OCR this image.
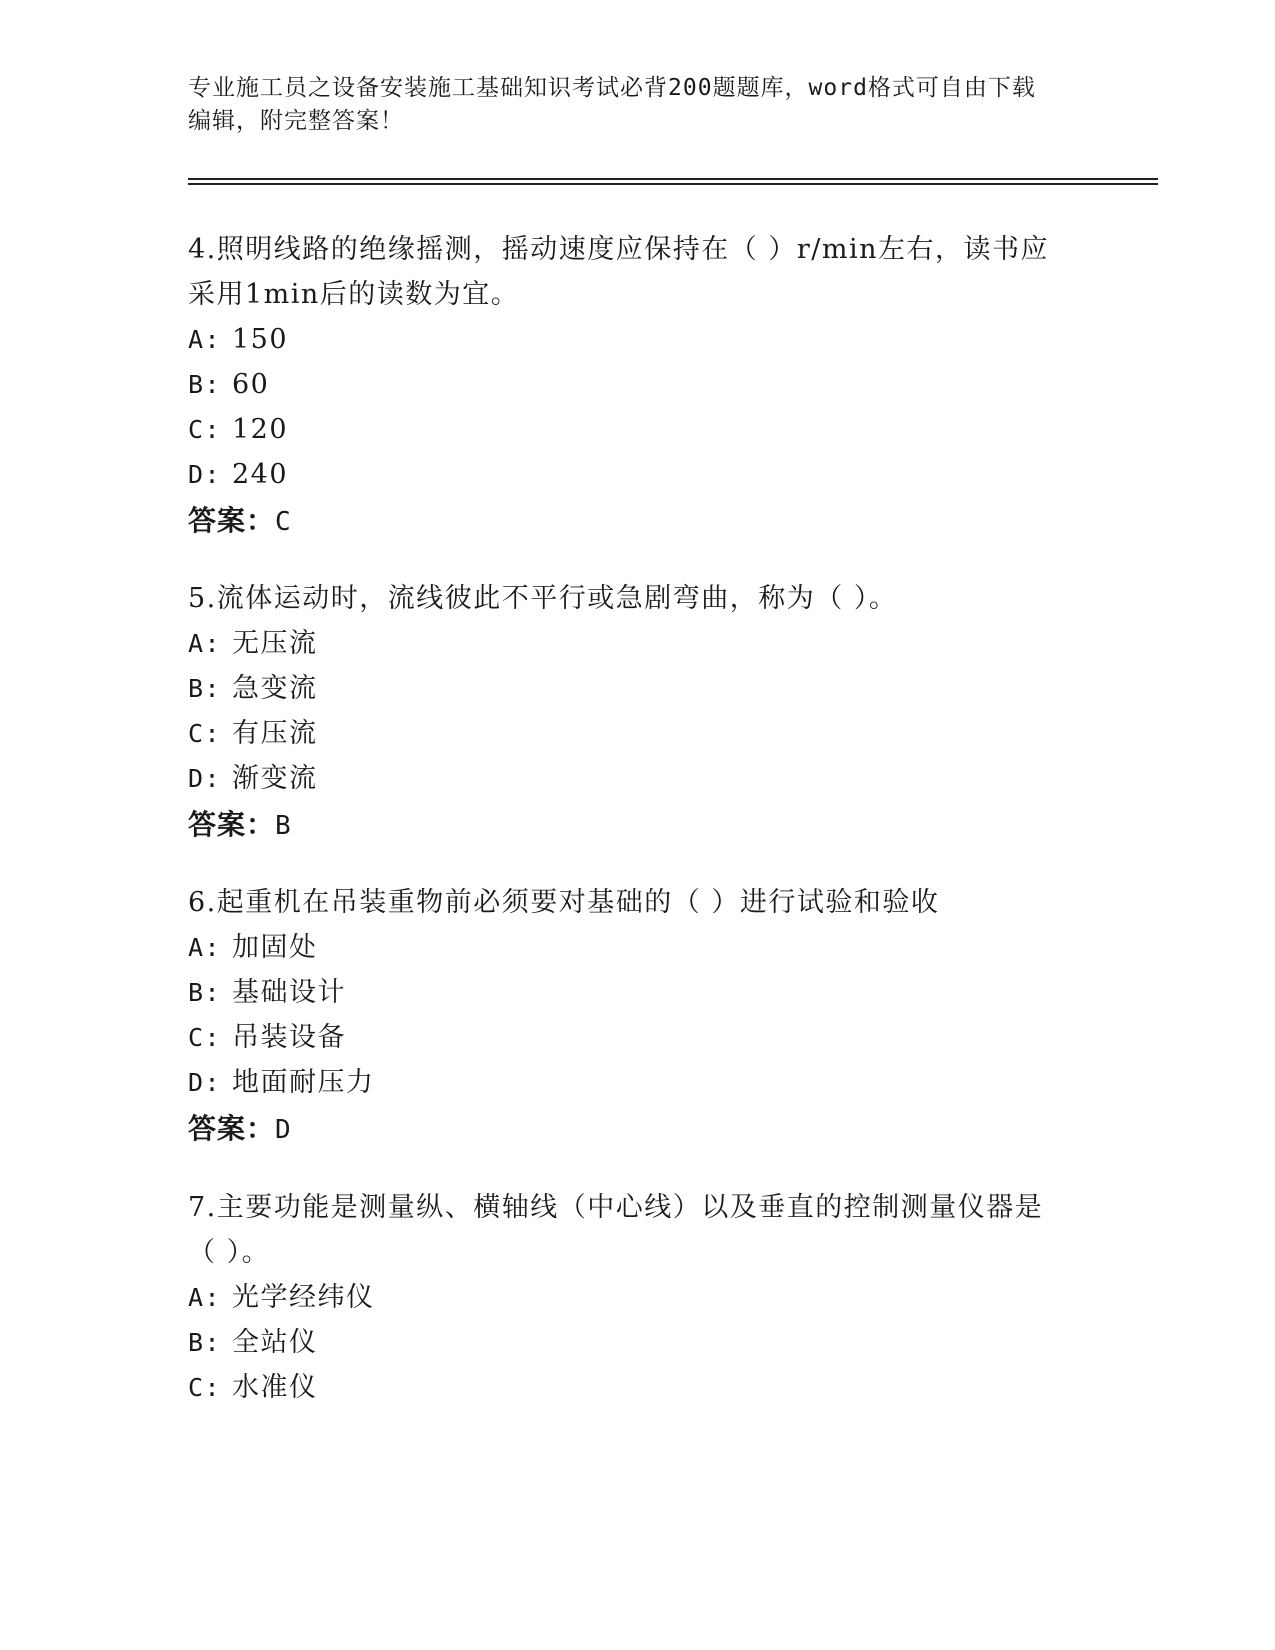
专业施工员之设备安装施工基础知识考试必背200题题库，word格式可自由下载
编辑，附完整答案！
4.照明线路的绝缘摇测，摇动速度应保持在（ ）r/min左右，读书应
采用1min后的读数为宜。
A: 150
B: 60
C: 120
D: 240
答案：C
5.流体运动时，流线彼此不平行或急剧弯曲，称为（ ）。
A: 无压流
B: 急变流
C: 有压流
D: 渐变流
答案：B
6.起重机在吊装重物前必须要对基础的（ ）进行试验和验收
A: 加固处
B: 基础设计
C: 吊装设备
D: 地面耐压力
答案：D
7.主要功能是测量纵、横轴线（中心线）以及垂直的控制测量仪器是
（ ）。
A: 光学经纬仪
B: 全站仪
C: 水准仪
